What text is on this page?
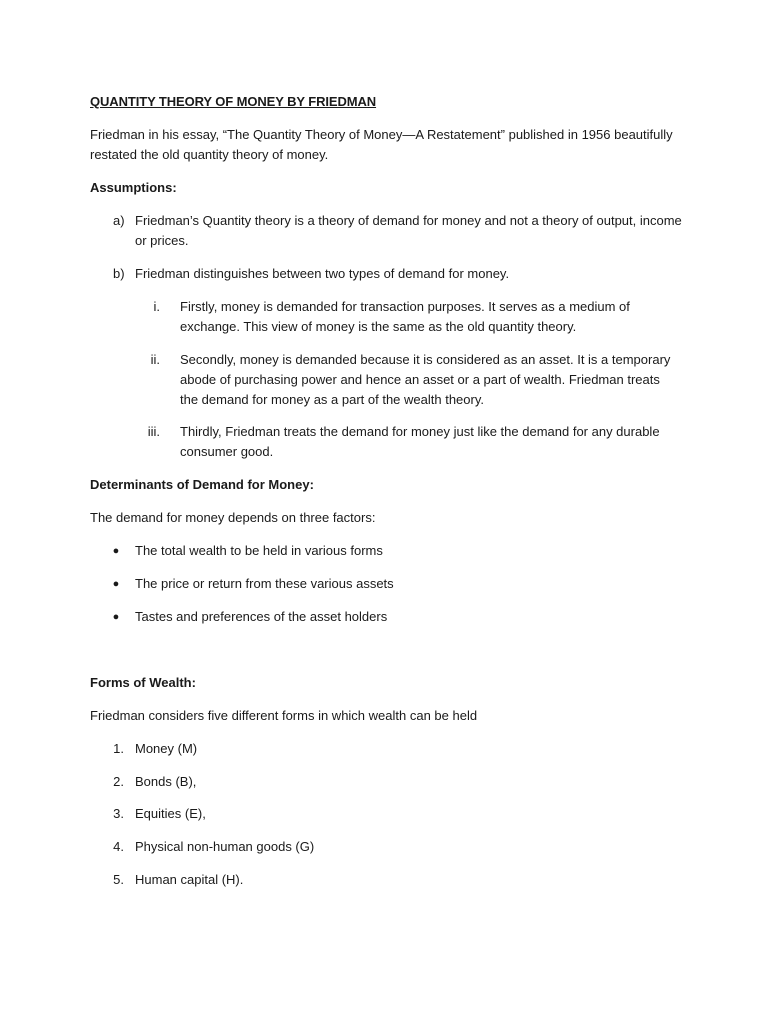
QUANTITY THEORY OF MONEY BY FRIEDMAN

Friedman in his essay, “The Quantity Theory of Money—A Restatement” published in 1956 beautifully restated the old quantity theory of money.

Assumptions:

a) Friedman’s Quantity theory is a theory of demand for money and not a theory of output, income or prices.
b) Friedman distinguishes between two types of demand for money.
i. Firstly, money is demanded for transaction purposes. It serves as a medium of exchange. This view of money is the same as the old quantity theory.
ii. Secondly, money is demanded because it is considered as an asset. It is a temporary abode of purchasing power and hence an asset or a part of wealth. Friedman treats the demand for money as a part of the wealth theory.
iii. Thirdly, Friedman treats the demand for money just like the demand for any durable consumer good.

Determinants of Demand for Money:

The demand for money depends on three factors:

● The total wealth to be held in various forms
● The price or return from these various assets
● Tastes and preferences of the asset holders

Forms of Wealth:

Friedman considers five different forms in which wealth can be held

1. Money (M)
2. Bonds (B),
3. Equities (E),
4. Physical non-human goods (G)
5. Human capital (H).
